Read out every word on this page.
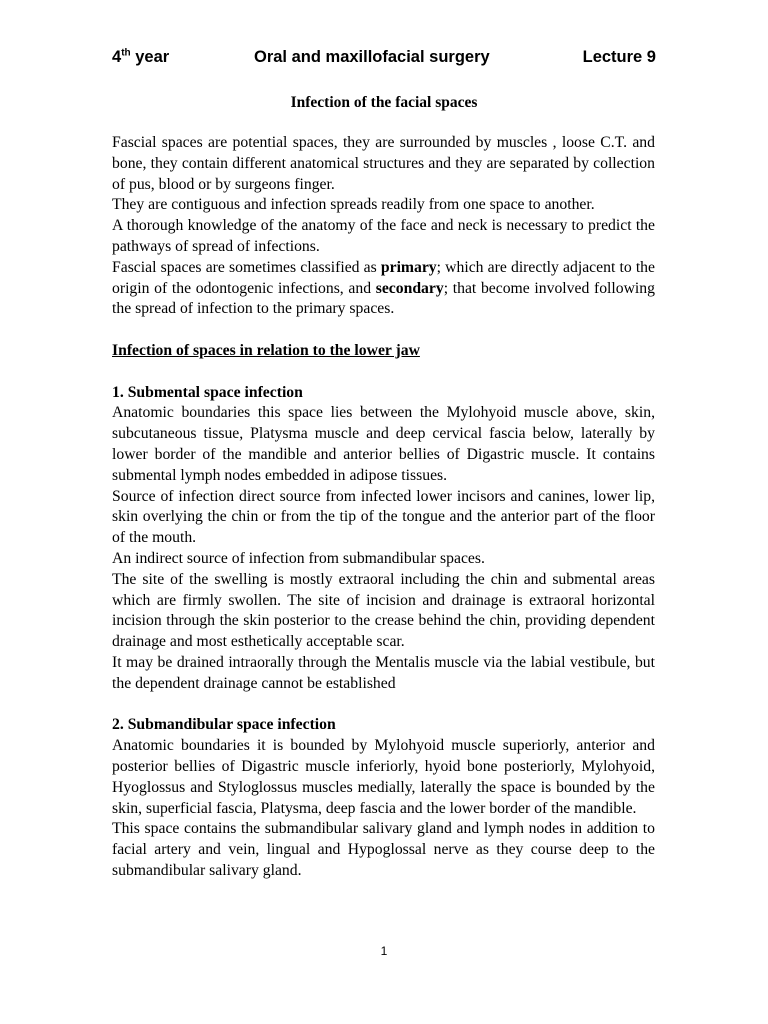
4th year	Oral and maxillofacial surgery	Lecture 9
Infection of the facial spaces

Fascial spaces are potential spaces, they are surrounded by muscles , loose C.T. and bone, they contain different anatomical structures and they are separated by collection of pus, blood or by surgeons finger.

They are contiguous and infection spreads readily from one space to another.

A thorough knowledge of the anatomy of the face and neck is necessary to predict the pathways of spread of infections.

Fascial spaces are sometimes classified as primary; which are directly adjacent to the origin of the odontogenic infections, and secondary; that become involved following the spread of infection to the primary spaces.

Infection of spaces in relation to the lower jaw

1. Submental space infection

Anatomic boundaries this space lies between the Mylohyoid muscle above, skin, subcutaneous tissue, Platysma muscle and deep cervical fascia below, laterally by lower border of the mandible and anterior bellies of Digastric muscle. It contains submental lymph nodes embedded in adipose tissues.

Source of infection direct source from infected lower incisors and canines, lower lip, skin overlying the chin or from the tip of the tongue and the anterior part of the floor of the mouth.

An indirect source of infection from submandibular spaces.

The site of the swelling is mostly extraoral including the chin and submental areas which are firmly swollen. The site of incision and drainage is extraoral horizontal incision through the skin posterior to the crease behind the chin, providing dependent drainage and most esthetically acceptable scar.

It may be drained intraorally through the Mentalis muscle via the labial vestibule, but the dependent drainage cannot be established

2. Submandibular space infection

Anatomic boundaries it is bounded by Mylohyoid muscle superiorly, anterior and posterior bellies of Digastric muscle inferiorly, hyoid bone posteriorly, Mylohyoid, Hyoglossus and Styloglossus muscles medially, laterally the space is bounded by the skin, superficial fascia, Platysma, deep fascia and the lower border of the mandible.

This space contains the submandibular salivary gland and lymph nodes in addition to facial artery and vein, lingual and Hypoglossal nerve as they course deep to the submandibular salivary gland.

1
